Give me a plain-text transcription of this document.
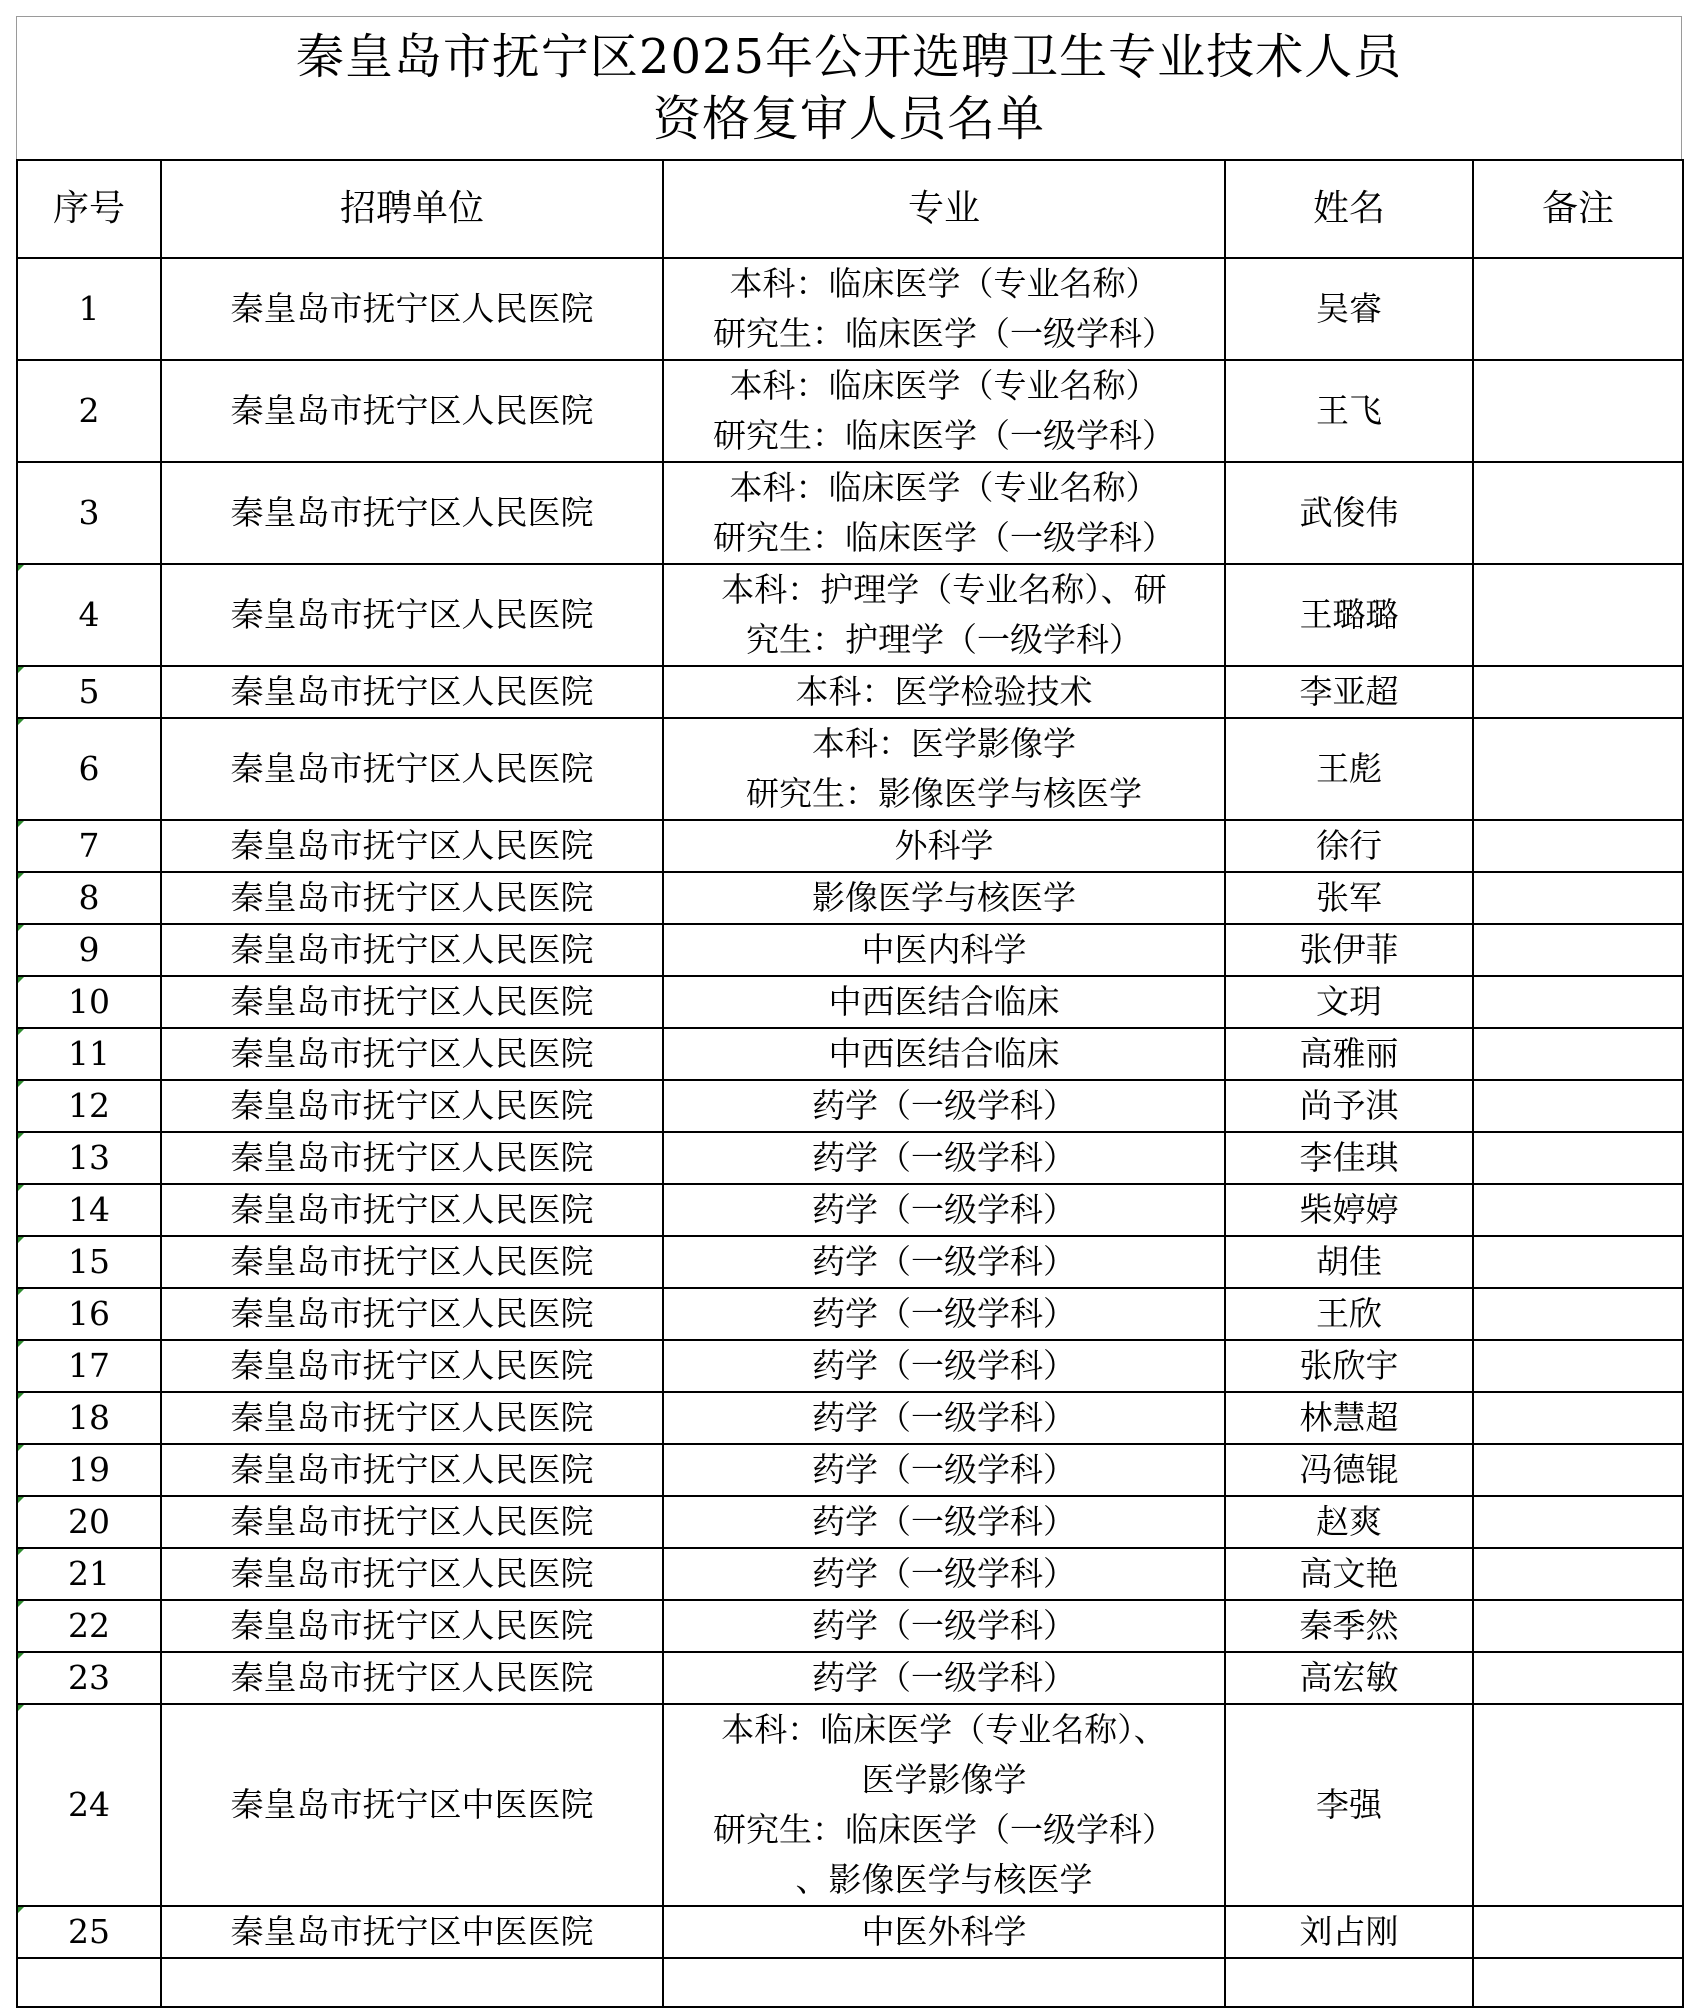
秦皇岛市抚宁区2025年公开选聘卫生专业技术人员
资格复审人员名单
序号	招聘单位	专业	姓名	备注
1	秦皇岛市抚宁区人民医院	本科：临床医学（专业名称）
研究生：临床医学（一级学科）	吴睿	
2	秦皇岛市抚宁区人民医院	本科：临床医学（专业名称）
研究生：临床医学（一级学科）	王飞	
3	秦皇岛市抚宁区人民医院	本科：临床医学（专业名称）
研究生：临床医学（一级学科）	武俊伟	

4	秦皇岛市抚宁区人民医院	本科：护理学（专业名称）、研
究生：护理学（一级学科）	王璐璐	

5	秦皇岛市抚宁区人民医院	本科：医学检验技术	李亚超	

6	秦皇岛市抚宁区人民医院	本科：医学影像学
研究生：影像医学与核医学	王彪	

7	秦皇岛市抚宁区人民医院	外科学	徐行	

8	秦皇岛市抚宁区人民医院	影像医学与核医学	张军	

9	秦皇岛市抚宁区人民医院	中医内科学	张伊菲	

10	秦皇岛市抚宁区人民医院	中西医结合临床	文玥	

11	秦皇岛市抚宁区人民医院	中西医结合临床	高雅丽	

12	秦皇岛市抚宁区人民医院	药学（一级学科）	尚予淇	

13	秦皇岛市抚宁区人民医院	药学（一级学科）	李佳琪	

14	秦皇岛市抚宁区人民医院	药学（一级学科）	柴婷婷	

15	秦皇岛市抚宁区人民医院	药学（一级学科）	胡佳	

16	秦皇岛市抚宁区人民医院	药学（一级学科）	王欣	

17	秦皇岛市抚宁区人民医院	药学（一级学科）	张欣宇	

18	秦皇岛市抚宁区人民医院	药学（一级学科）	林慧超	

19	秦皇岛市抚宁区人民医院	药学（一级学科）	冯德锟	

20	秦皇岛市抚宁区人民医院	药学（一级学科）	赵爽	

21	秦皇岛市抚宁区人民医院	药学（一级学科）	高文艳	

22	秦皇岛市抚宁区人民医院	药学（一级学科）	秦季然	

23	秦皇岛市抚宁区人民医院	药学（一级学科）	高宏敏	

24	秦皇岛市抚宁区中医医院	本科：临床医学（专业名称）、
医学影像学
研究生：临床医学（一级学科）
、影像医学与核医学	李强	

25	秦皇岛市抚宁区中医医院	中医外科学	刘占刚	
